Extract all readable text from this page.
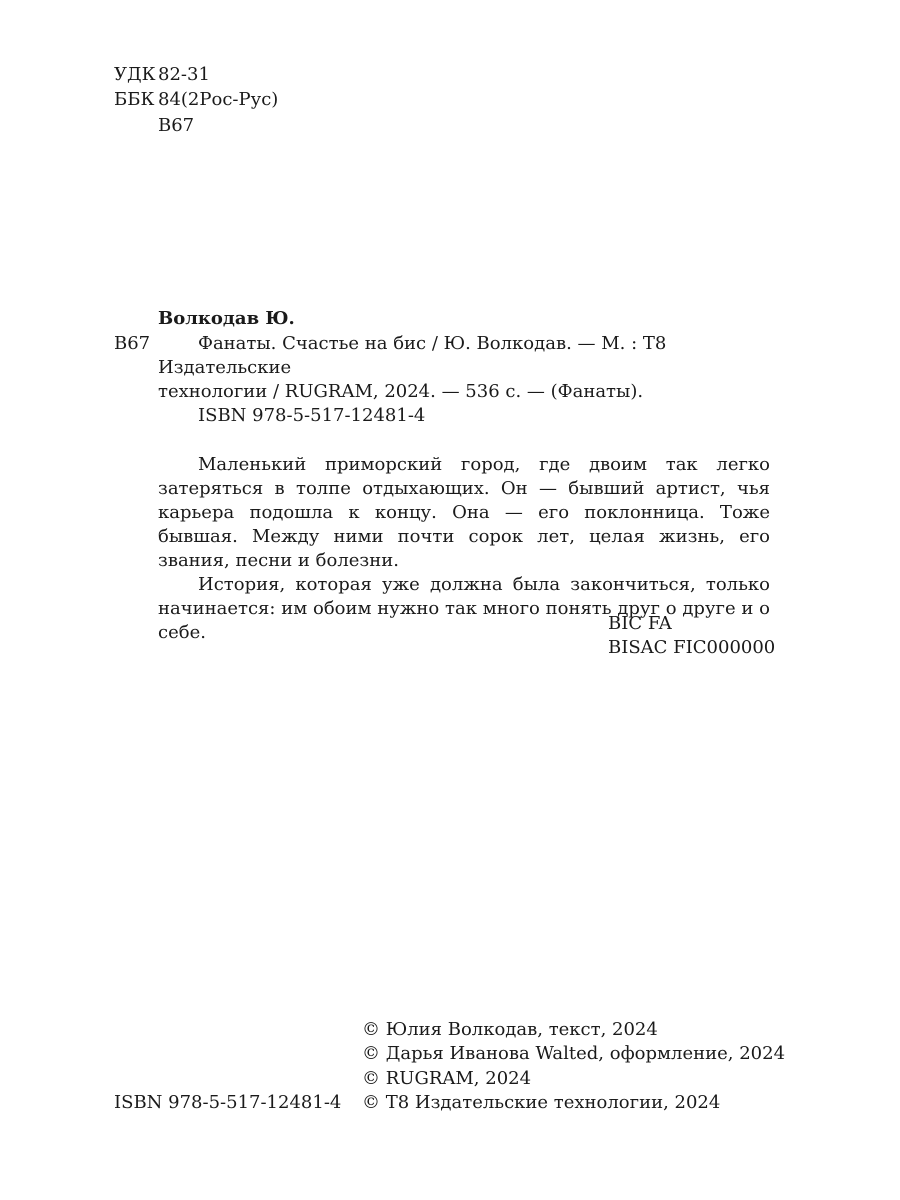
УДК 82-31
ББК 84(2Рос-Рус)
В67
Волкодав Ю.
В67	Фанаты. Счастье на бис / Ю. Волкодав. — М. : Т8 Издательские

технологии / RUGRAM, 2024. — 536 с. — (Фанаты).

ISBN 978-5-517-12481-4

Маленький приморский город, где двоим так легко затеряться в толпе отдыхающих. Он — бывший артист, чья карьера подошла к концу. Она — его поклонница. Тоже бывшая. Между ними почти сорок лет, целая жизнь, его звания, песни и болезни.

История, которая уже должна была закончиться, только начинается: им обоим нужно так много понять друг о друге и о себе.	BIC FA
BISAC FIC000000
© Юлия Волкодав, текст, 2024
© Дарья Иванова Walted, оформление, 2024
© RUGRAM, 2024
© Т8 Издательские технологии, 2024
ISBN 978-5-517-12481-4
